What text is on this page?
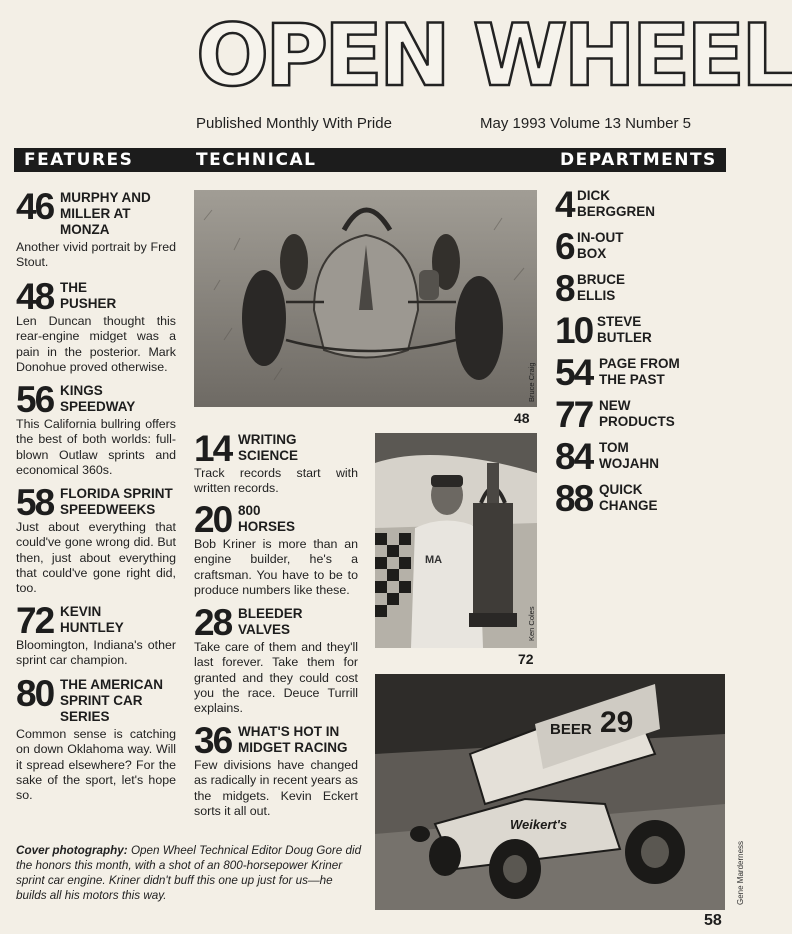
OPEN WHEEL
Published Monthly With Pride	May 1993 Volume 13 Number 5
FEATURES	TECHNICAL	DEPARTMENTS
46 MURPHY AND
MILLER AT
MONZA

Another vivid portrait by Fred Stout.

48 THE
PUSHER

Len Duncan thought this rear-engine midget was a pain in the posterior. Mark Donohue proved otherwise.

56 KINGS
SPEEDWAY

This California bullring offers the best of both worlds: full-blown Outlaw sprints and economical 360s.

58 FLORIDA SPRINT
SPEEDWEEKS

Just about everything that could've gone wrong did. But then, just about everything that could've gone right did, too.

72 KEVIN
HUNTLEY

Bloomington, Indiana's other sprint car champion.

80 THE AMERICAN
SPRINT CAR
SERIES

Common sense is catching on down Oklahoma way. Will it spread elsewhere? For the sake of the sport, let's hope so.

14 WRITING
SCIENCE

Track records start with written records.

20 800
HORSES

Bob Kriner is more than an engine builder, he's a craftsman. You have to be to produce numbers like these.

28 BLEEDER
VALVES

Take care of them and they'll last forever. Take them for granted and they could cost you the race. Deuce Turrill explains.

36 WHAT'S HOT IN
MIDGET RACING

Few divisions have changed as radically in recent years as the midgets. Kevin Eckert sorts it all out.

4 DICK
BERGGREN
6 IN-OUT
BOX
8 BRUCE
ELLIS
10 STEVE
BUTLER
54 PAGE FROM
THE PAST
77 NEW
PRODUCTS
84 TOM
WOJAHN
88 QUICK
CHANGE
Bruce Craig
48
MA
Ken Coles
72
BEER 29
Weikert's
Gene Marderness
Cover photography: Open Wheel Technical Editor Doug Gore did the honors this month, with a shot of an 800-horsepower Kriner sprint car engine. Kriner didn't buff this one up just for us—he builds all his motors this way.
58
